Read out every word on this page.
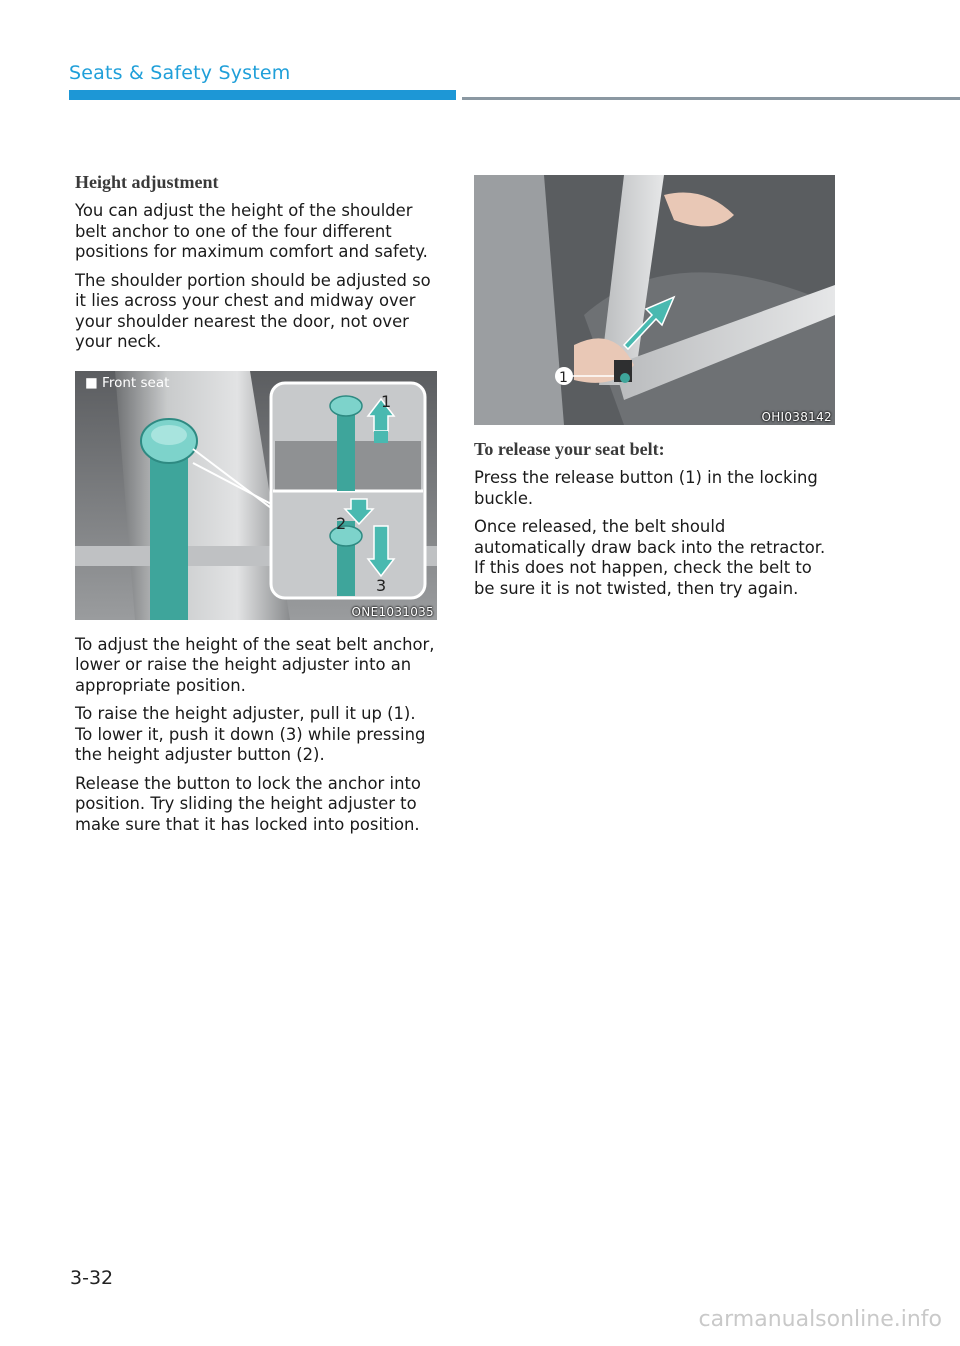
Seats & Safety System
Height adjustment

You can adjust the height of the shoulder belt anchor to one of the four different positions for maximum comfort and safety.

The shoulder portion should be adjusted so it lies across your chest and midway over your shoulder nearest the door, not over your neck.

1
2
3
■ Front seat
ONE1031035

To adjust the height of the seat belt anchor, lower or raise the height adjuster into an appropriate position.

To raise the height adjuster, pull it up (1). To lower it, push it down (3) while pressing the height adjuster button (2).

Release the button to lock the anchor into position. Try sliding the height adjuster to make sure that it has locked into position.

1
OHI038142
To release your seat belt:

Press the release button (1) in the locking buckle.

Once released, the belt should automatically draw back into the retractor. If this does not happen, check the belt to be sure it is not twisted, then try again.

3-32
carmanualsonline.info
